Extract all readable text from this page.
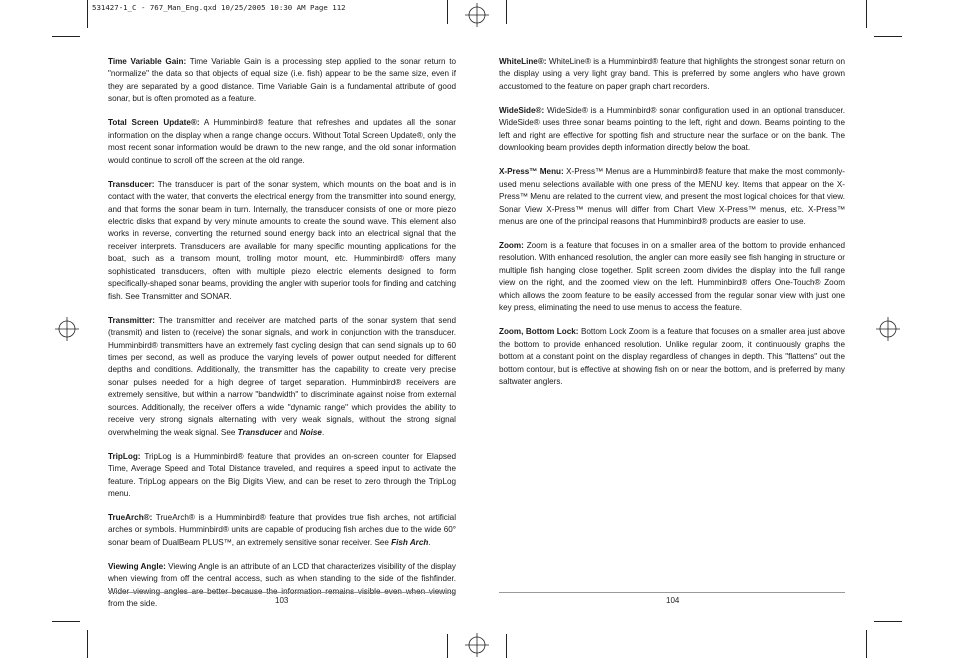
531427-1_C - 767_Man_Eng.qxd 10/25/2005 10:30 AM Page 112

Time Variable Gain: Time Variable Gain is a processing step applied to the sonar return to "normalize" the data so that objects of equal size (i.e. fish) appear to be the same size, even if they are separated by a good distance. Time Variable Gain is a fundamental attribute of good sonar, but is often promoted as a feature.

Total Screen Update®: A Humminbird® feature that refreshes and updates all the sonar information on the display when a range change occurs. Without Total Screen Update®, only the most recent sonar information would be drawn to the new range, and the old sonar information would continue to scroll off the screen at the old range.

Transducer: The transducer is part of the sonar system, which mounts on the boat and is in contact with the water, that converts the electrical energy from the transmitter into sound energy, and that forms the sonar beam in turn. Internally, the transducer consists of one or more piezo electric disks that expand by very minute amounts to create the sound wave. This element also works in reverse, converting the returned sound energy back into an electrical signal that the receiver interprets. Transducers are available for many specific mounting applications for the boat, such as a transom mount, trolling motor mount, etc. Humminbird® offers many sophisticated transducers, often with multiple piezo electric elements designed to form specifically-shaped sonar beams, providing the angler with superior tools for finding and catching fish. See Transmitter and SONAR.

Transmitter: The transmitter and receiver are matched parts of the sonar system that send (transmit) and listen to (receive) the sonar signals, and work in conjunction with the transducer. Humminbird® transmitters have an extremely fast cycling design that can send signals up to 60 times per second, as well as produce the varying levels of power output needed for different depths and conditions. Additionally, the transmitter has the capability to create very precise sonar pulses needed for a high degree of target separation. Humminbird® receivers are extremely sensitive, but within a narrow "bandwidth" to discriminate against noise from external sources. Additionally, the receiver offers a wide "dynamic range" which provides the ability to receive very strong signals alternating with very weak signals, without the strong signal overwhelming the weak signal. See Transducer and Noise.

TripLog: TripLog is a Humminbird® feature that provides an on-screen counter for Elapsed Time, Average Speed and Total Distance traveled, and requires a speed input to activate the feature. TripLog appears on the Big Digits View, and can be reset to zero through the TripLog menu.

TrueArch®: TrueArch® is a Humminbird® feature that provides true fish arches, not artificial arches or symbols. Humminbird® units are capable of producing fish arches due to the wide 60° sonar beam of DualBeam PLUS™, an extremely sensitive sonar receiver. See Fish Arch.

Viewing Angle: Viewing Angle is an attribute of an LCD that characterizes visibility of the display when viewing from off the central access, such as when standing to the side of the fishfinder. Wider viewing angles are better because the information remains visible even when viewing from the side.

WhiteLine®: WhiteLine® is a Humminbird® feature that highlights the strongest sonar return on the display using a very light gray band. This is preferred by some anglers who have grown accustomed to the feature on paper graph chart recorders.

WideSide®: WideSide® is a Humminbird® sonar configuration used in an optional transducer. WideSide® uses three sonar beams pointing to the left, right and down. Beams pointing to the left and right are effective for spotting fish and structure near the surface or on the bank. The downlooking beam provides depth information directly below the boat.

X-Press™ Menu: X-Press™ Menus are a Humminbird® feature that make the most commonly-used menu selections available with one press of the MENU key. Items that appear on the X-Press™ Menu are related to the current view, and present the most logical choices for that view. Sonar View X-Press™ menus will differ from Chart View X-Press™ menus, etc. X-Press™ menus are one of the principal reasons that Humminbird® products are easier to use.

Zoom: Zoom is a feature that focuses in on a smaller area of the bottom to provide enhanced resolution. With enhanced resolution, the angler can more easily see fish hanging in structure or multiple fish hanging close together. Split screen zoom divides the display into the full range view on the right, and the zoomed view on the left. Humminbird® offers One-Touch® Zoom which allows the zoom feature to be easily accessed from the regular sonar view with just one key press, eliminating the need to use menus to access the feature.

Zoom, Bottom Lock: Bottom Lock Zoom is a feature that focuses on a smaller area just above the bottom to provide enhanced resolution. Unlike regular zoom, it continuously graphs the bottom at a constant point on the display regardless of changes in depth. This "flattens" out the bottom contour, but is effective at showing fish on or near the bottom, and is preferred by many saltwater anglers.

103	104
